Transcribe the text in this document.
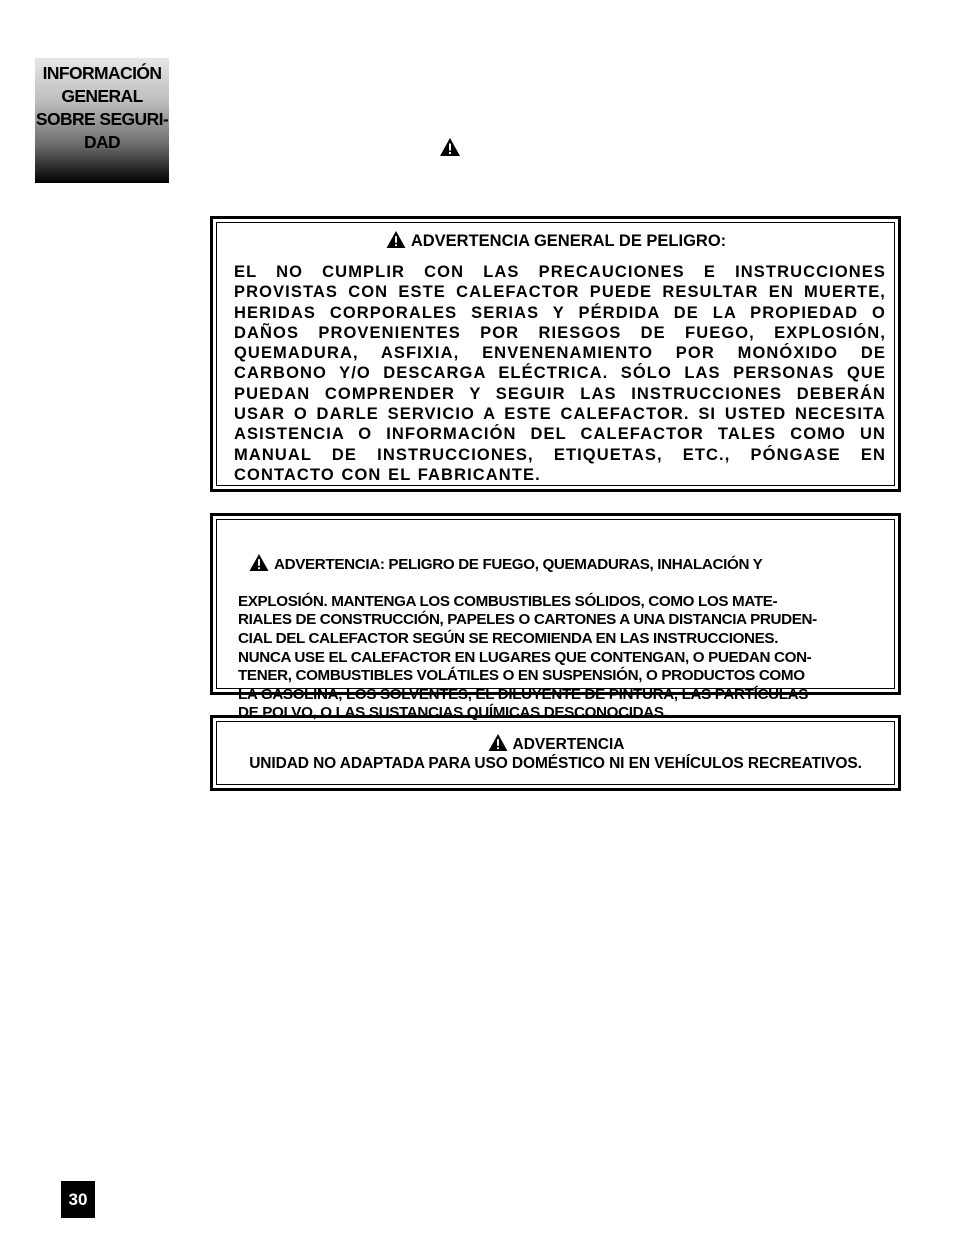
INFORMACIÓN
GENERAL
SOBRE SEGURI-
DAD
ADVERTENCIA GENERAL DE PELIGRO:
EL NO CUMPLIR CON LAS PRECAUCIONES E INSTRUCCIONES PROVISTAS CON ESTE CALEFACTOR PUEDE RESULTAR EN MUERTE, HERIDAS CORPORALES SERIAS Y PÉRDIDA DE LA PROPIEDAD O DAÑOS PROVENIENTES POR RIESGOS DE FUEGO, EXPLOSIÓN, QUEMADURA, ASFIXIA, ENVENENAMIENTO POR MONÓXIDO DE CARBONO Y/O DESCARGA ELÉCTRICA. SÓLO LAS PERSONAS QUE PUEDAN COMPRENDER Y SEGUIR LAS INSTRUCCIONES DEBERÁN USAR O DARLE SERVICIO A ESTE CALEFACTOR. SI USTED NECESITA ASISTENCIA O INFORMACIÓN DEL CALEFACTOR TALES COMO UN MANUAL DE INSTRUCCIONES, ETIQUETAS, ETC., PÓNGASE EN CONTACTO CON EL FABRICANTE.

ADVERTENCIA: PELIGRO DE FUEGO, QUEMADURAS, INHALACIÓN Y

EXPLOSIÓN. MANTENGA LOS COMBUSTIBLES SÓLIDOS, COMO LOS MATE-
RIALES DE CONSTRUCCIÓN, PAPELES O CARTONES A UNA DISTANCIA PRUDEN-
CIAL DEL CALEFACTOR SEGÚN SE RECOMIENDA EN LAS INSTRUCCIONES.
NUNCA USE EL CALEFACTOR EN LUGARES QUE CONTENGAN, O PUEDAN CON-
TENER, COMBUSTIBLES VOLÁTILES O EN SUSPENSIÓN, O PRODUCTOS COMO
LA GASOLINA, LOS SOLVENTES, EL DILUYENTE DE PINTURA, LAS PARTÍCULAS
DE POLVO, O LAS SUSTANCIAS QUÍMICAS DESCONOCIDAS.

ADVERTENCIA
UNIDAD NO ADAPTADA PARA USO DOMÉSTICO NI EN VEHÍCULOS RECREATIVOS.
30
